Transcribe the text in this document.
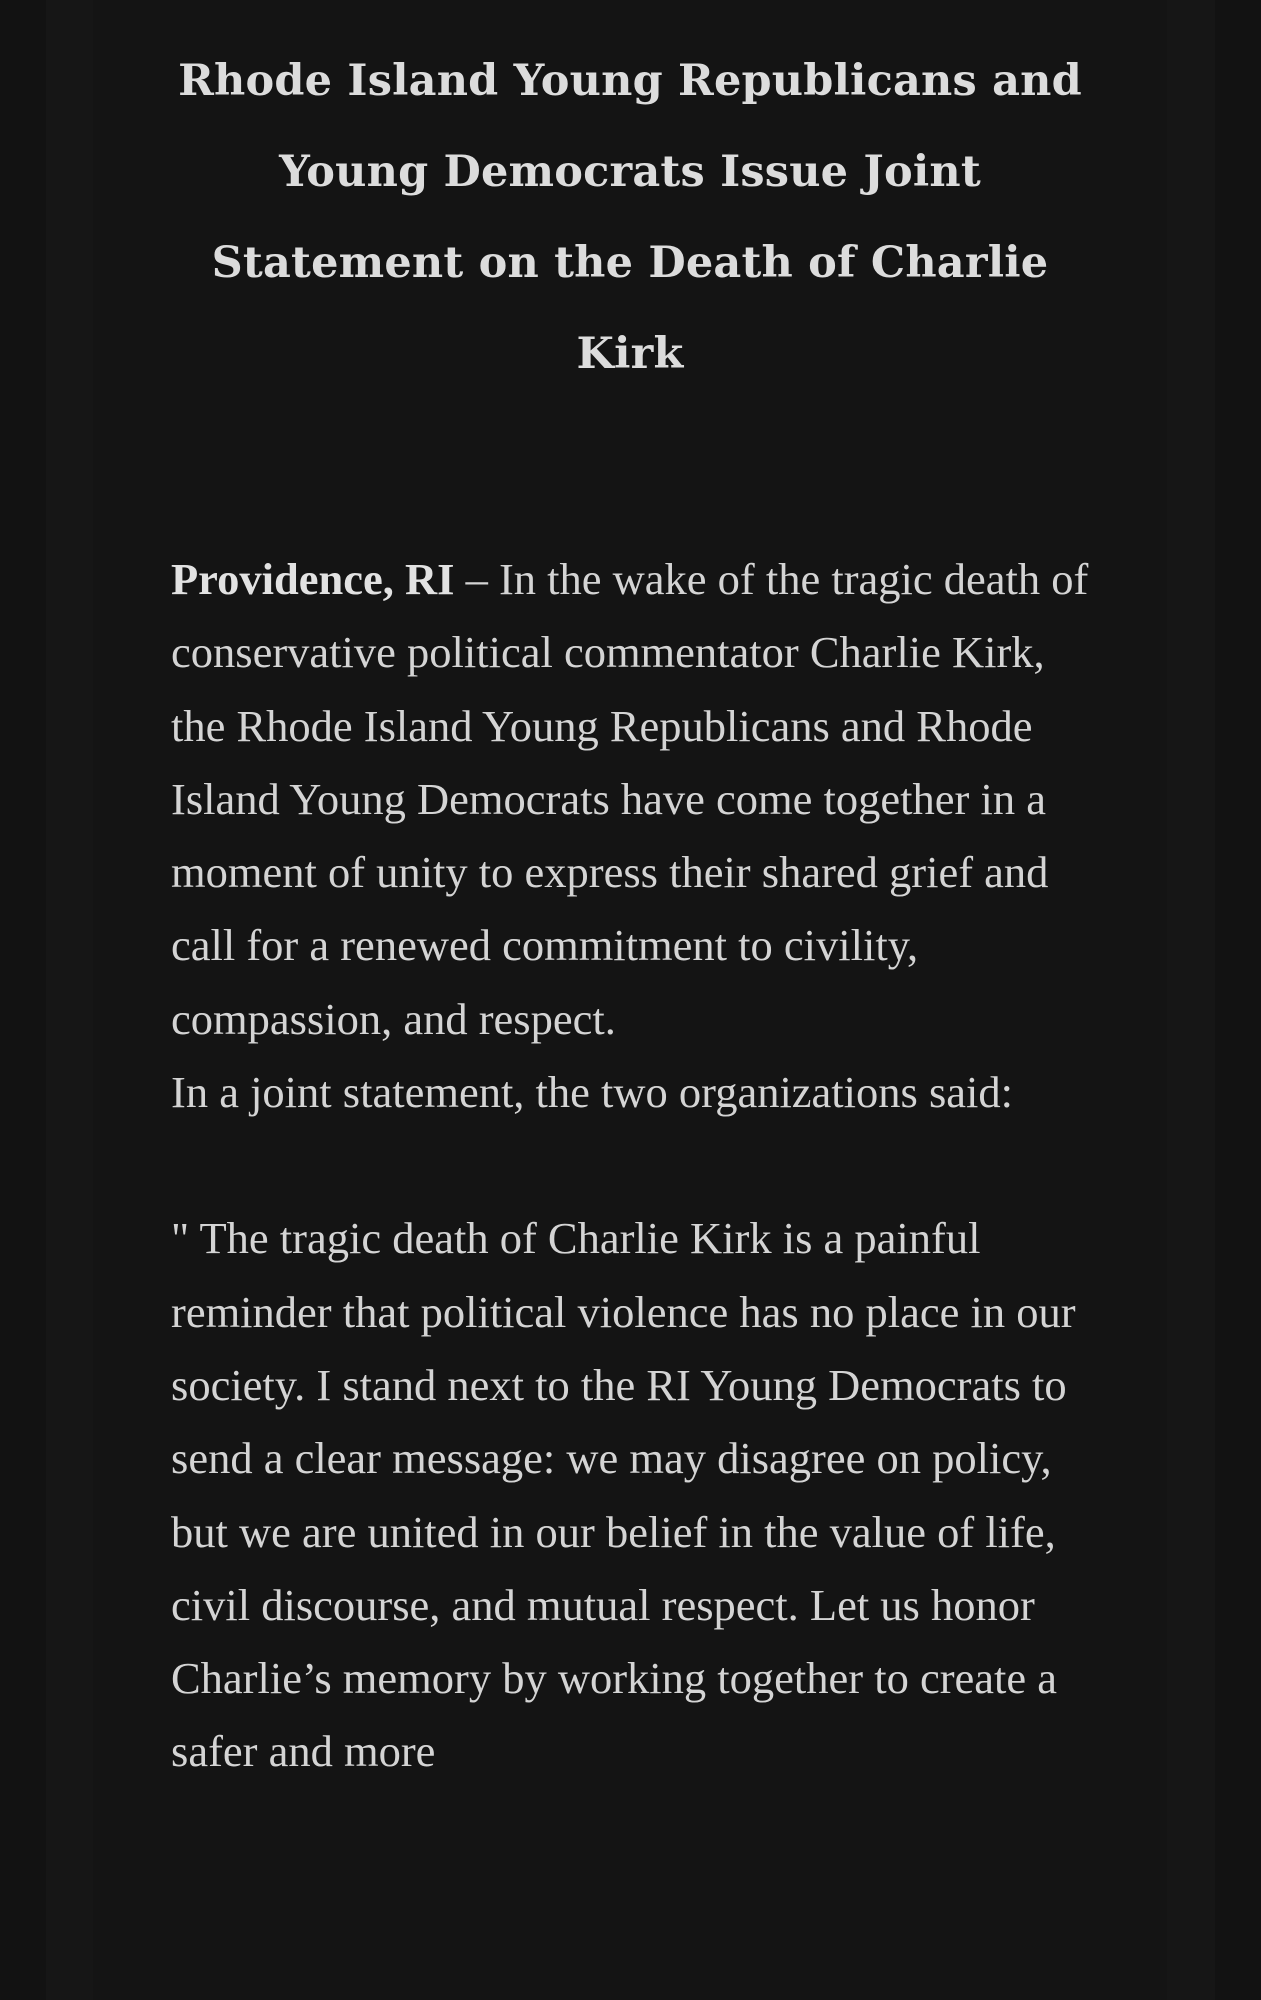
Rhode Island Young Republicans and Young Democrats Issue Joint Statement on the Death of Charlie Kirk

Providence, RI – In the wake of the tragic death of conservative political commentator Charlie Kirk, the Rhode Island Young Republicans and Rhode Island Young Democrats have come together in a moment of unity to express their shared grief and call for a renewed commitment to civility, compassion, and respect.
In a joint statement, the two organizations said:

" The tragic death of Charlie Kirk is a painful reminder that political violence has no place in our society. I stand next to the RI Young Democrats to send a clear message: we may disagree on policy, but we are united in our belief in the value of life, civil discourse, and mutual respect. Let us honor Charlie’s memory by working together to create a safer and more
